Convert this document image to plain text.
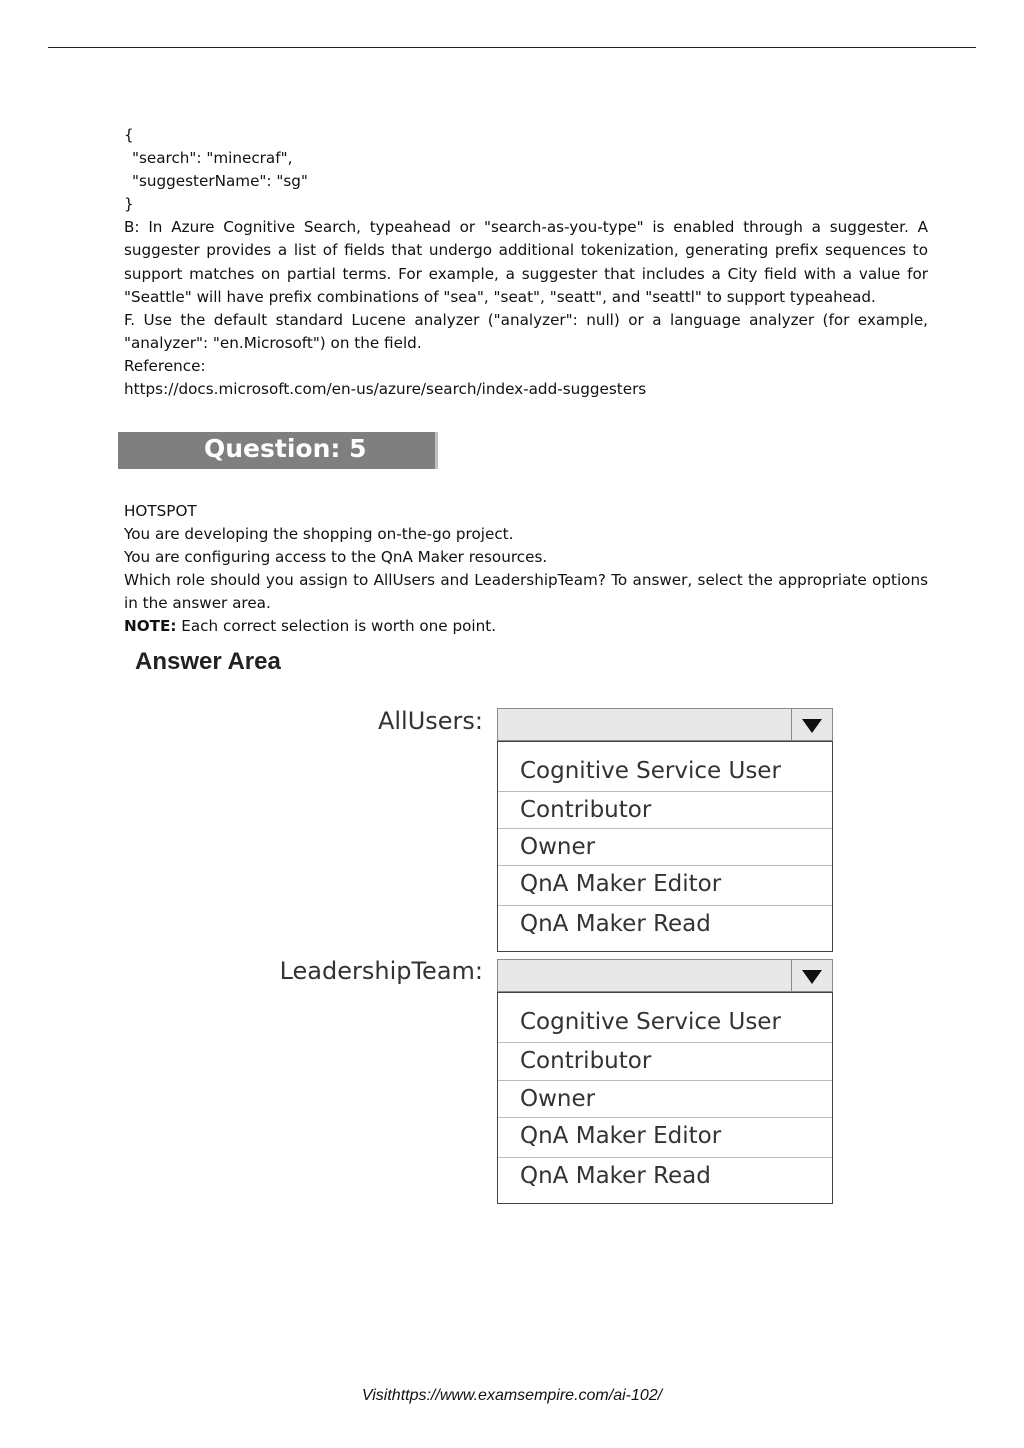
{

"search": "minecraf",

"suggesterName": "sg"

}

B: In Azure Cognitive Search, typeahead or "search-as-you-type" is enabled through a suggester. A suggester provides a list of fields that undergo additional tokenization, generating prefix sequences to support matches on partial terms. For example, a suggester that includes a City field with a value for "Seattle" will have prefix combinations of "sea", "seat", "seatt", and "seattl" to support typeahead.

F. Use the default standard Lucene analyzer ("analyzer": null) or a language analyzer (for example, "analyzer": "en.Microsoft") on the field.

Reference:

https://docs.microsoft.com/en-us/azure/search/index-add-suggesters

Question: 5

HOTSPOT

You are developing the shopping on-the-go project.

You are configuring access to the QnA Maker resources.

Which role should you assign to AllUsers and LeadershipTeam? To answer, select the appropriate options in the answer area.

NOTE: Each correct selection is worth one point.

Answer Area
AllUsers:
Cognitive Service User
Contributor
Owner
QnA Maker Editor
QnA Maker Read
LeadershipTeam:
Cognitive Service User
Contributor
Owner
QnA Maker Editor
QnA Maker Read
Visithttps://www.examsempire.com/ai-102/
